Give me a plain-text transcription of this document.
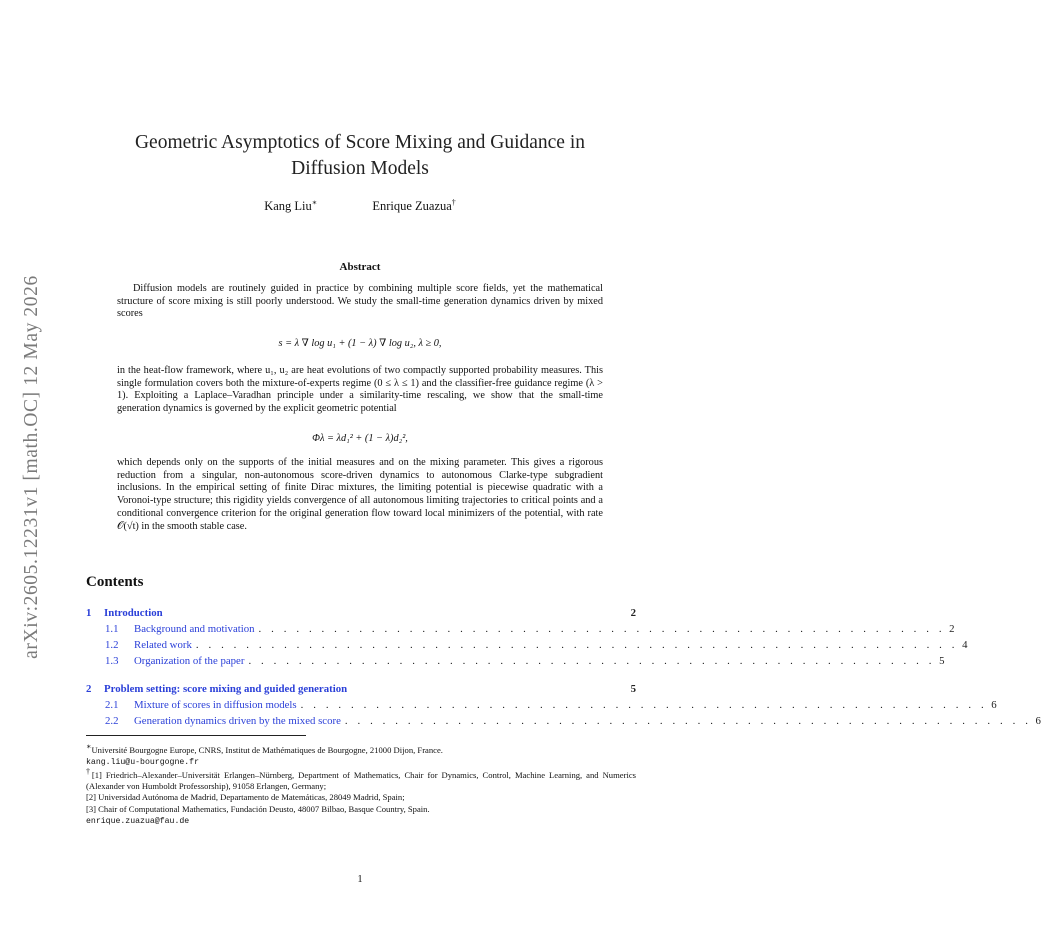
arXiv:2605.12231v1 [math.OC] 12 May 2026
Geometric Asymptotics of Score Mixing and Guidance in
Diffusion Models
Kang Liu∗	Enrique Zuazua†
Abstract
Diffusion models are routinely guided in practice by combining multiple score fields, yet the mathematical structure of score mixing is still poorly understood. We study the small-time generation dynamics driven by mixed scores
s = λ ∇ log u₁ + (1 − λ) ∇ log u₂, λ ≥ 0,
in the heat-flow framework, where u₁, u₂ are heat evolutions of two compactly supported probability measures. This single formulation covers both the mixture-of-experts regime (0 ≤ λ ≤ 1) and the classifier-free guidance regime (λ > 1). Exploiting a Laplace–Varadhan principle under a similarity-time rescaling, we show that the small-time generation dynamics is governed by the explicit geometric potential
Φλ = λd₁² + (1 − λ)d₂²,
which depends only on the supports of the initial measures and on the mixing parameter. This gives a rigorous reduction from a singular, non-autonomous score-driven dynamics to autonomous Clarke-type subgradient inclusions. In the empirical setting of finite Dirac mixtures, the limiting potential is piecewise quadratic with a Voronoi-type structure; this rigidity yields convergence of all autonomous limiting trajectories to critical points and a conditional convergence criterion for the original generation flow toward local minimizers of the potential, with rate 𝒪(√t) in the smooth stable case.
Contents
1	Introduction	2
1.1	Background and motivation . . . . . . . . . . . . . . . . . . . . . . . . . . . . . . . . . . . . . . . . . . . . . . . . . . . . . . . 2
1.2	Related work . . . . . . . . . . . . . . . . . . . . . . . . . . . . . . . . . . . . . . . . . . . . . . . . . . . . . . . . . . . . . 4
1.3	Organization of the paper . . . . . . . . . . . . . . . . . . . . . . . . . . . . . . . . . . . . . . . . . . . . . . . . . . . . . . . 5
2	Problem setting: score mixing and guided generation	5
2.1	Mixture of scores in diffusion models . . . . . . . . . . . . . . . . . . . . . . . . . . . . . . . . . . . . . . . . . . . . . . . . . . . . . . . 6
2.2	Generation dynamics driven by the mixed score . . . . . . . . . . . . . . . . . . . . . . . . . . . . . . . . . . . . . . . . . . . . . . . . . . . . . . . 6
∗Université Bourgogne Europe, CNRS, Institut de Mathématiques de Bourgogne, 21000 Dijon, France.
kang.liu@u-bourgogne.fr
†[1] Friedrich–Alexander–Universität Erlangen–Nürnberg, Department of Mathematics, Chair for Dynamics, Control, Machine Learning, and Numerics (Alexander von Humboldt Professorship), 91058 Erlangen, Germany;
[2] Universidad Autónoma de Madrid, Departamento de Matemáticas, 28049 Madrid, Spain;
[3] Chair of Computational Mathematics, Fundación Deusto, 48007 Bilbao, Basque Country, Spain.
enrique.zuazua@fau.de
1
